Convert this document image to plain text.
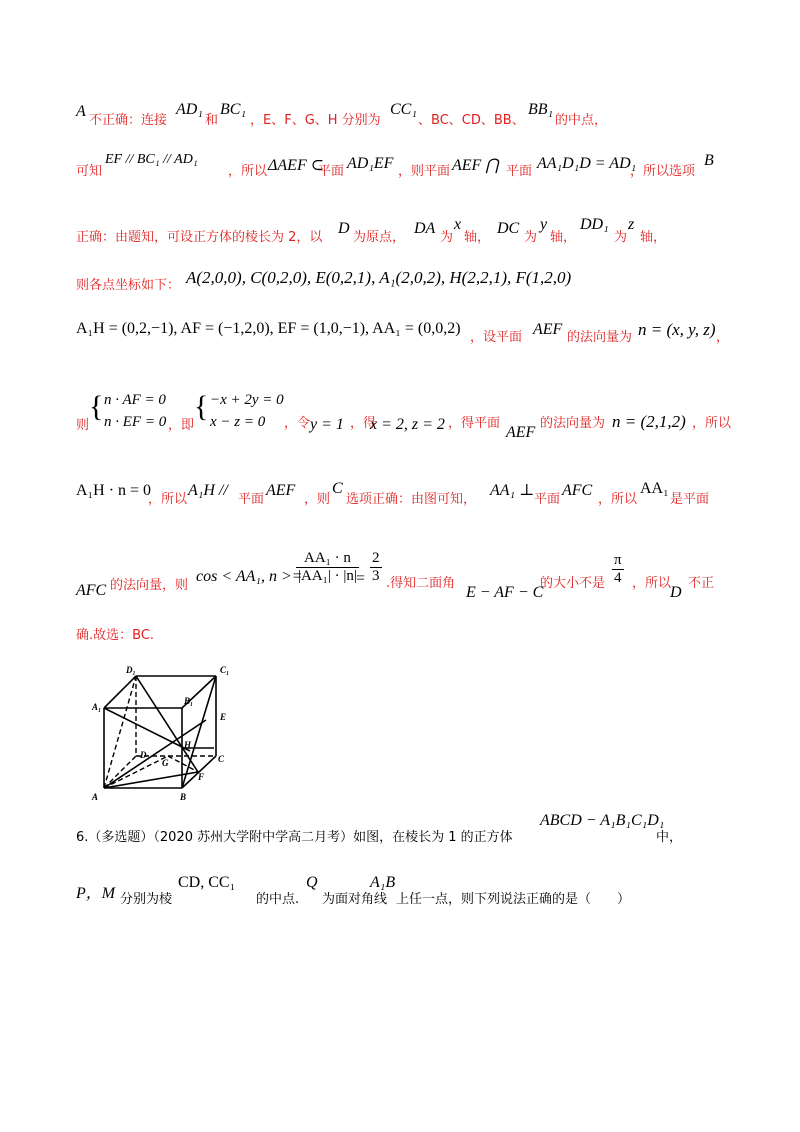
A
不正确：连接
AD₁
和
BC₁
，E、F、G、H 分别为
CC₁
、BC、CD、BB、
BB₁
的中点，
可知
EF // BC₁ // AD₁
，所以 ΔAEF ⊂
平面 AD₁EF ，则平面 AEF ⋂ 平面 AA₁D₁D = AD₁
，所以选项
B
正确：由题知，可设正方体的棱长为 2，以
D
为原点，
DA
为
x
轴，
DC
为
y
轴，
DD₁
为
z
轴，
则各点坐标如下： A(2,0,0), C(0,2,0), E(0,2,1), A₁(2,0,2), H(2,2,1), F(1,2,0)
A₁H = (0,2,−1), AF = (−1,2,0), EF = (1,0,−1), AA₁ = (0,0,2)
，设平面 AEF 的法向量为 n = (x, y, z) ，
则
{ n · AF = 0
n · EF = 0 ，即
{ −x + 2y = 0
x − z = 0 ，令 y = 1 ，得
x = 2, z = 2 ，得平面
AEF
的法向量为 n = (2,1,2) ，所以
A₁H · n = 0
，所以
A₁H //
平面
AEF
，则
C
选项正确：由图可知，
AA₁ ⊥
平面
AFC
，所以
AA₁
是平面
AFC 的法向量，则
cos < AA₁, n >=
$\frac{\text{AA₁ · n}}{\text{|AA₁| · |n|}}$
= $\frac{2}{3}$ .得知二面角
E − AF − C
的大小不是 $\frac{\pi}{4}$ ，所以
D
不正
确.故选：BC.
D₁	C₁
A₁
B₁
E
H
D
G	C
F
A	B
6.（多选题）（2020 苏州大学附中学高二月考）如图，在棱长为 1 的正方体
ABCD − A₁B₁C₁D₁
中，
P，M 分别为棱
CD, CC₁
的中点.
Q
为面对角线
A₁B
上任一点，则下列说法正确的是（　　）
